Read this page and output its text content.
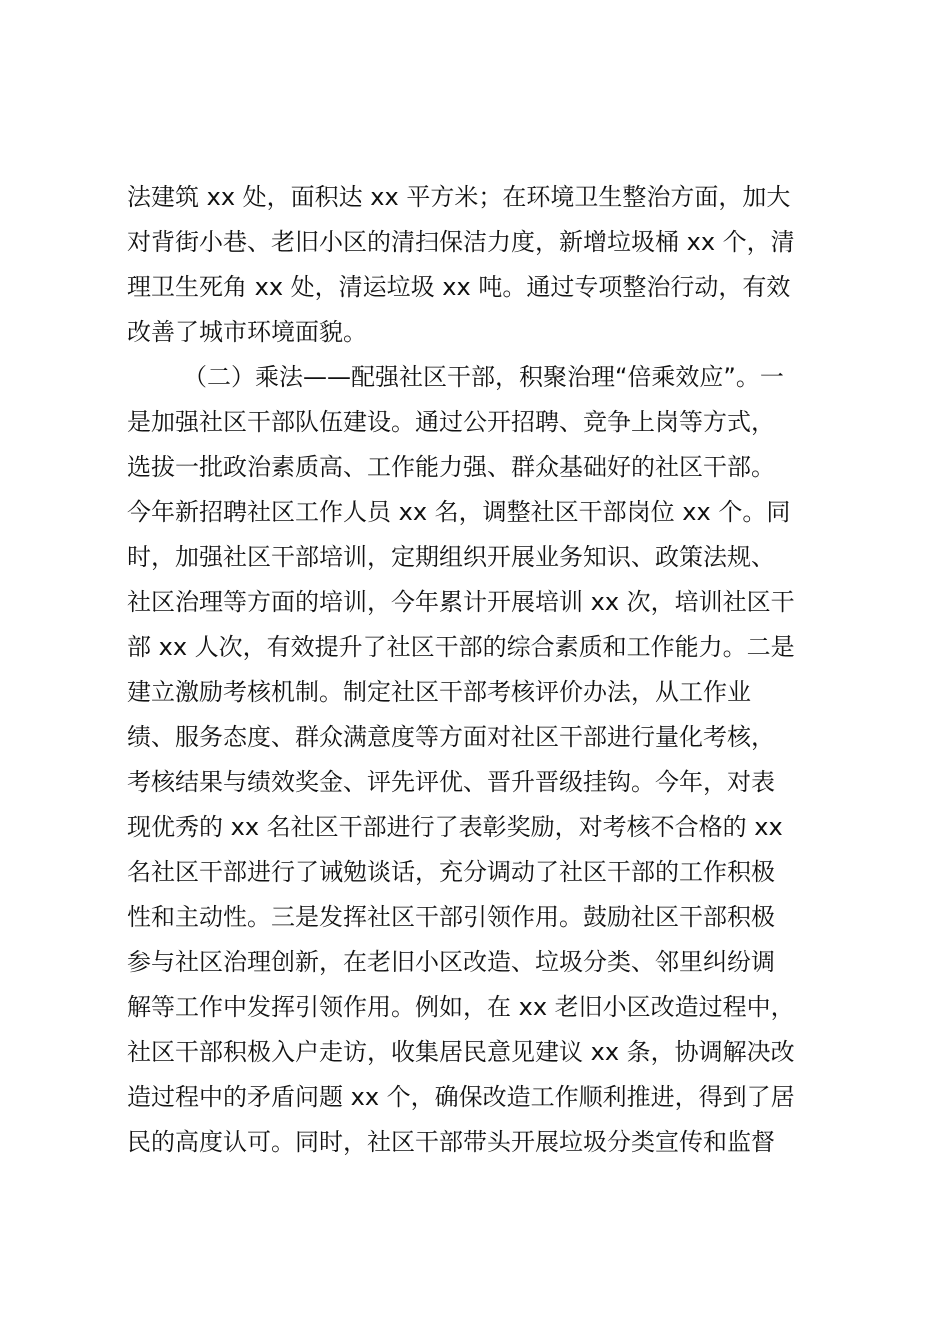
法建筑 xx 处，面积达 xx 平方米；在环境卫生整治方面，加大
对背街小巷、老旧小区的清扫保洁力度，新增垃圾桶 xx 个，清
理卫生死角 xx 处，清运垃圾 xx 吨。通过专项整治行动，有效
改善了城市环境面貌。
（二）乘法——配强社区干部，积聚治理“倍乘效应”。一
是加强社区干部队伍建设。通过公开招聘、竞争上岗等方式，
选拔一批政治素质高、工作能力强、群众基础好的社区干部。
今年新招聘社区工作人员 xx 名，调整社区干部岗位 xx 个。同
时，加强社区干部培训，定期组织开展业务知识、政策法规、
社区治理等方面的培训，今年累计开展培训 xx 次，培训社区干
部 xx 人次，有效提升了社区干部的综合素质和工作能力。二是
建立激励考核机制。制定社区干部考核评价办法，从工作业
绩、服务态度、群众满意度等方面对社区干部进行量化考核，
考核结果与绩效奖金、评先评优、晋升晋级挂钩。今年，对表
现优秀的 xx 名社区干部进行了表彰奖励，对考核不合格的 xx
名社区干部进行了诫勉谈话，充分调动了社区干部的工作积极
性和主动性。三是发挥社区干部引领作用。鼓励社区干部积极
参与社区治理创新，在老旧小区改造、垃圾分类、邻里纠纷调
解等工作中发挥引领作用。例如，在 xx 老旧小区改造过程中，
社区干部积极入户走访，收集居民意见建议 xx 条，协调解决改
造过程中的矛盾问题 xx 个，确保改造工作顺利推进，得到了居
民的高度认可。同时，社区干部带头开展垃圾分类宣传和监督
